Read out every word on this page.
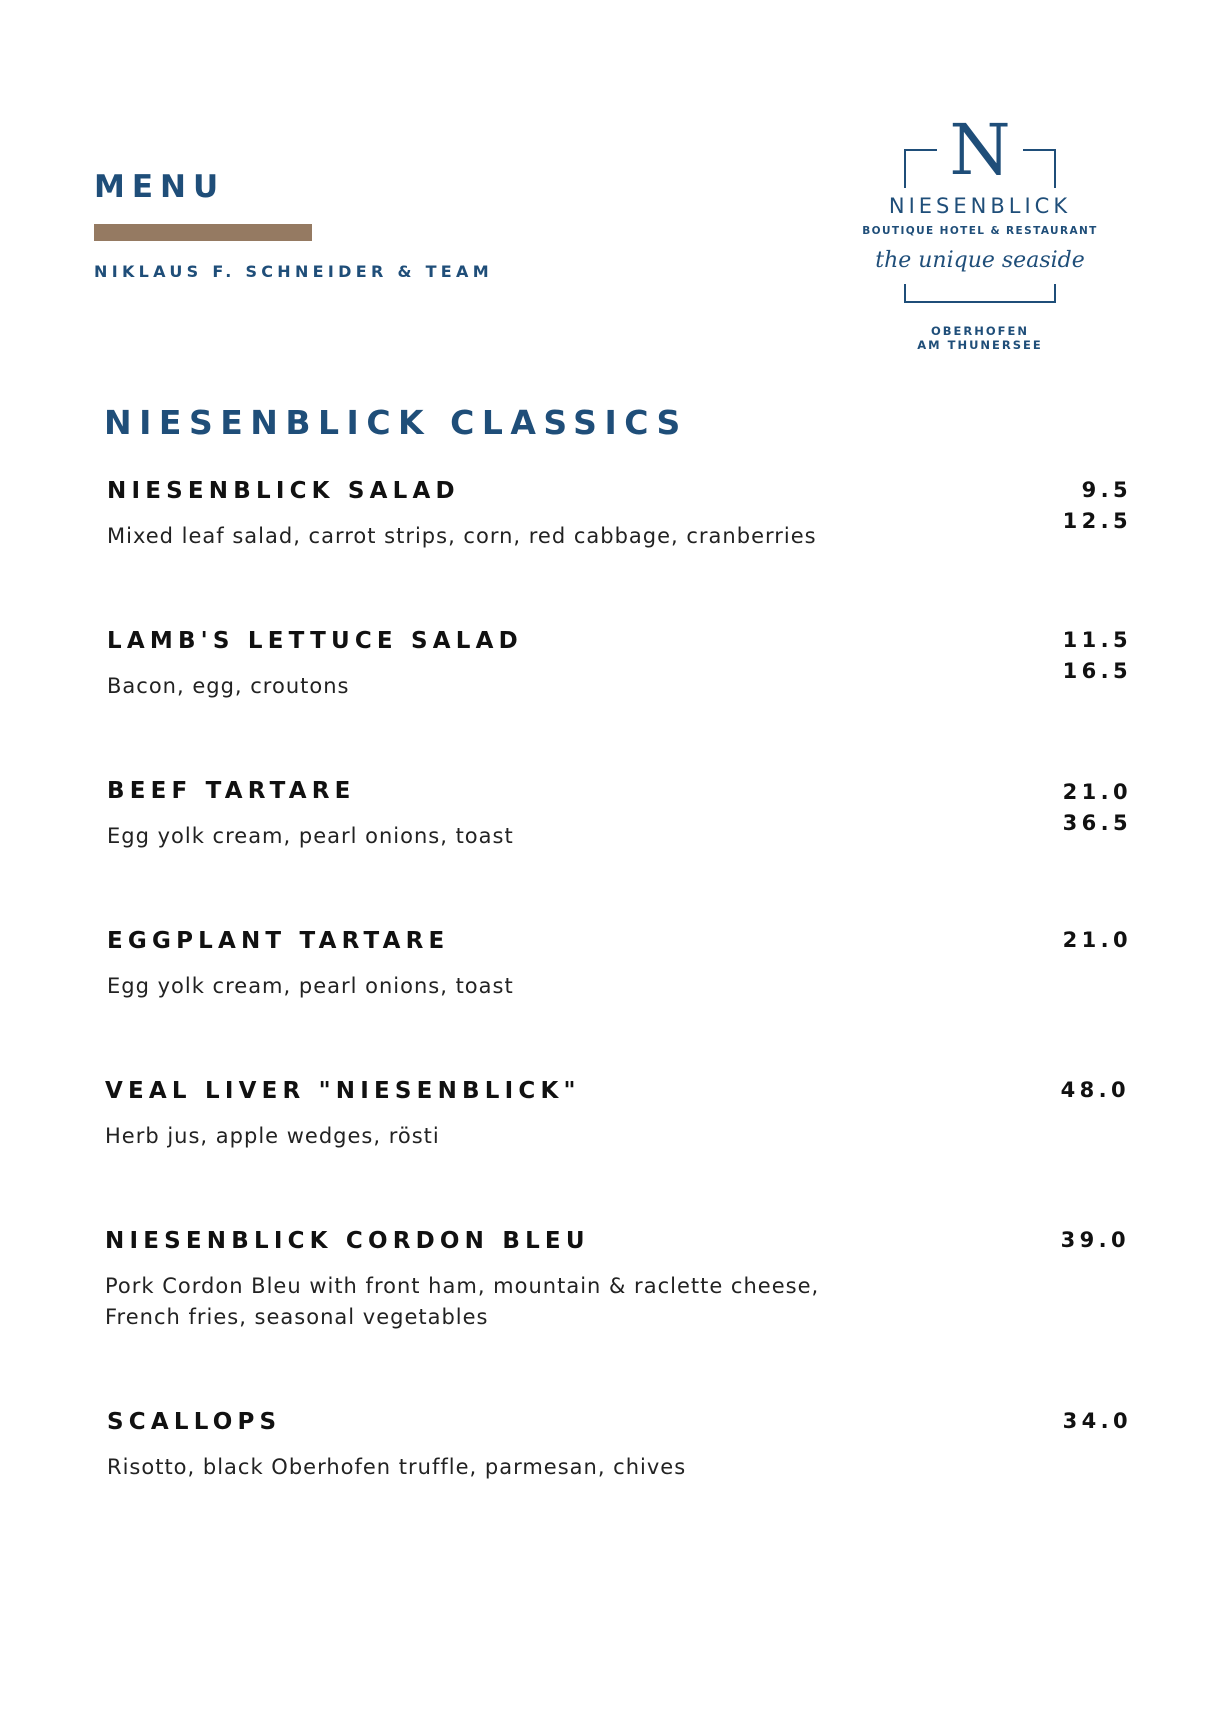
MENU
NIKLAUS F. SCHNEIDER & TEAM
N
NIESENBLICK
BOUTIQUE HOTEL & RESTAURANT
the unique seaside
OBERHOFEN
AM THUNERSEE
NIESENBLICK CLASSICS
NIESENBLICK SALAD
Mixed leaf salad, carrot strips, corn, red cabbage, cranberries
9.5
12.5
LAMB'S LETTUCE SALAD
Bacon, egg, croutons
11.5
16.5
BEEF TARTARE
Egg yolk cream, pearl onions, toast
21.0
36.5
EGGPLANT TARTARE
Egg yolk cream, pearl onions, toast
21.0
VEAL LIVER "NIESENBLICK"
Herb jus, apple wedges, rösti
48.0
NIESENBLICK CORDON BLEU
Pork Cordon Bleu with front ham, mountain & raclette cheese,
French fries, seasonal vegetables
39.0
SCALLOPS
Risotto, black Oberhofen truffle, parmesan, chives
34.0
